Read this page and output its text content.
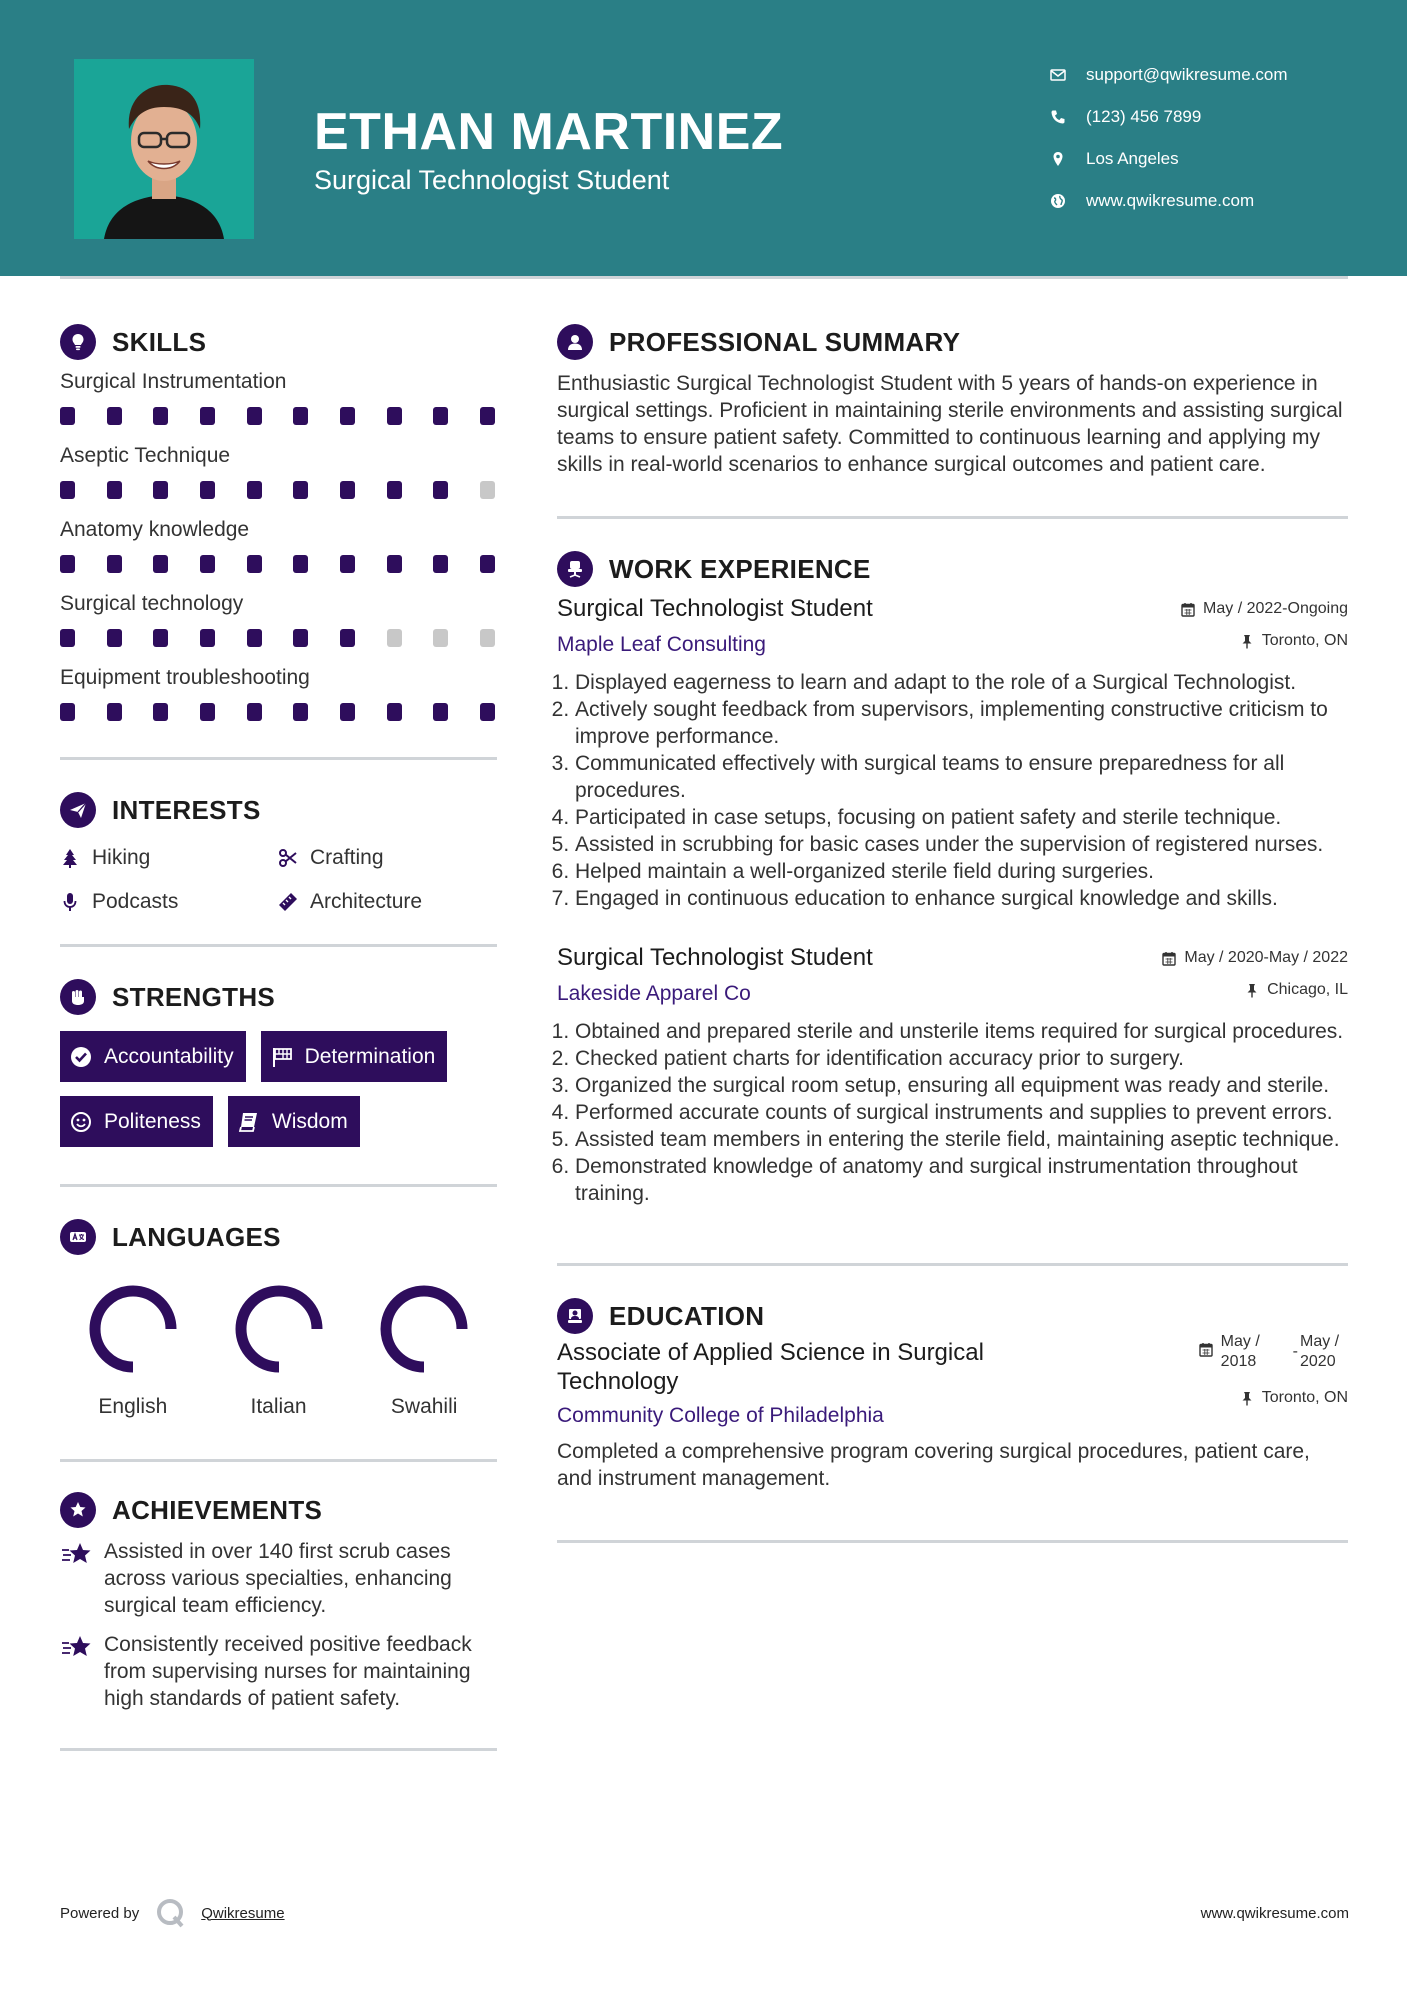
ETHAN MARTINEZ
Surgical Technologist Student
support@qwikresume.com
(123) 456 7899
Los Angeles
www.qwikresume.com
SKILLS
Surgical Instrumentation
Aseptic Technique
Anatomy knowledge
Surgical technology
Equipment troubleshooting
INTERESTS
Hiking	Crafting
Podcasts	Architecture
STRENGTHS
Accountability	Determination
Politeness	Wisdom
LANGUAGES
English	Italian	Swahili
ACHIEVEMENTS

Assisted in over 140 first scrub cases across various specialties, enhancing surgical team efficiency.

Consistently received positive feedback from supervising nurses for maintaining high standards of patient safety.

PROFESSIONAL SUMMARY

Enthusiastic Surgical Technologist Student with 5 years of hands-on experience in surgical settings. Proficient in maintaining sterile environments and assisting surgical teams to ensure patient safety. Committed to continuous learning and applying my skills in real-world scenarios to enhance surgical outcomes and patient care.

WORK EXPERIENCE
Surgical Technologist Student
Maple Leaf Consulting
May / 2022-Ongoing
Toronto, ON
1. Displayed eagerness to learn and adapt to the role of a Surgical Technologist.
2. Actively sought feedback from supervisors, implementing constructive criticism to improve performance.
3. Communicated effectively with surgical teams to ensure preparedness for all procedures.
4. Participated in case setups, focusing on patient safety and sterile technique.
5. Assisted in scrubbing for basic cases under the supervision of registered nurses.
6. Helped maintain a well-organized sterile field during surgeries.
7. Engaged in continuous education to enhance surgical knowledge and skills.
Surgical Technologist Student
Lakeside Apparel Co
May / 2020-May / 2022
Chicago, IL
1. Obtained and prepared sterile and unsterile items required for surgical procedures.
2. Checked patient charts for identification accuracy prior to surgery.
3. Organized the surgical room setup, ensuring all equipment was ready and sterile.
4. Performed accurate counts of surgical instruments and supplies to prevent errors.
5. Assisted team members in entering the sterile field, maintaining aseptic technique.
6. Demonstrated knowledge of anatomy and surgical instrumentation throughout training.
EDUCATION
Associate of Applied Science in Surgical Technology
Community College of Philadelphia
May / 2018
-
May / 2020
Toronto, ON

Completed a comprehensive program covering surgical procedures, patient care, and instrument management.

Powered by	Qwikresume	www.qwikresume.com
